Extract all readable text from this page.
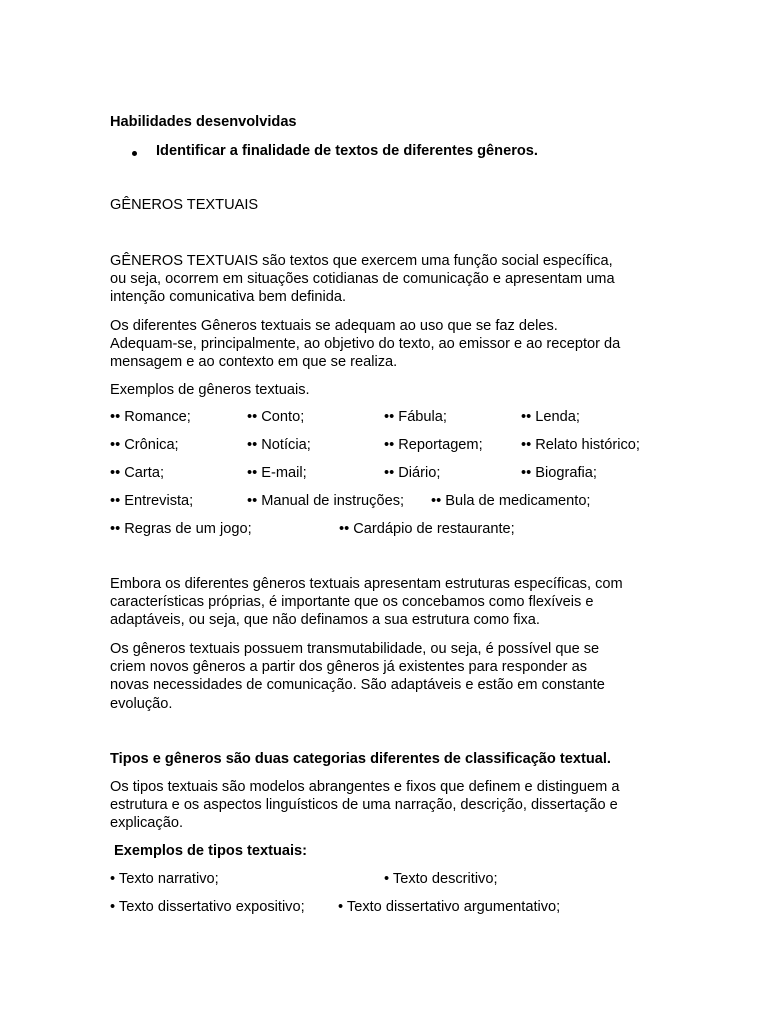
Habilidades desenvolvidas
Identificar a finalidade de textos de diferentes gêneros.
GÊNEROS TEXTUAIS

GÊNEROS TEXTUAIS são textos que exercem uma função social específica,

ou seja, ocorrem em situações cotidianas de comunicação e apresentam uma

intenção comunicativa bem definida.

Os diferentes Gêneros textuais se adequam ao uso que se faz deles.

Adequam-se, principalmente, ao objetivo do texto, ao emissor e ao receptor da

mensagem e ao contexto em que se realiza.

Exemplos de gêneros textuais.
•• Romance;	•• Conto;	•• Fábula;	•• Lenda;
•• Crônica;	•• Notícia;	•• Reportagem;	•• Relato histórico;
•• Carta;	•• E-mail;	•• Diário;	•• Biografia;
•• Entrevista;	•• Manual de instruções; •• Bula de medicamento;
•• Regras de um jogo;	•• Cardápio de restaurante;

Embora os diferentes gêneros textuais apresentam estruturas específicas, com

características próprias, é importante que os concebamos como flexíveis e

adaptáveis, ou seja, que não definamos a sua estrutura como fixa.

Os gêneros textuais possuem transmutabilidade, ou seja, é possível que se

criem novos gêneros a partir dos gêneros já existentes para responder as

novas necessidades de comunicação. São adaptáveis e estão em constante

evolução.

Tipos e gêneros são duas categorias diferentes de classificação textual.

Os tipos textuais são modelos abrangentes e fixos que definem e distinguem a

estrutura e os aspectos linguísticos de uma narração, descrição, dissertação e

explicação.

Exemplos de tipos textuais:
• Texto narrativo;	• Texto descritivo;
• Texto dissertativo expositivo; • Texto dissertativo argumentativo;
